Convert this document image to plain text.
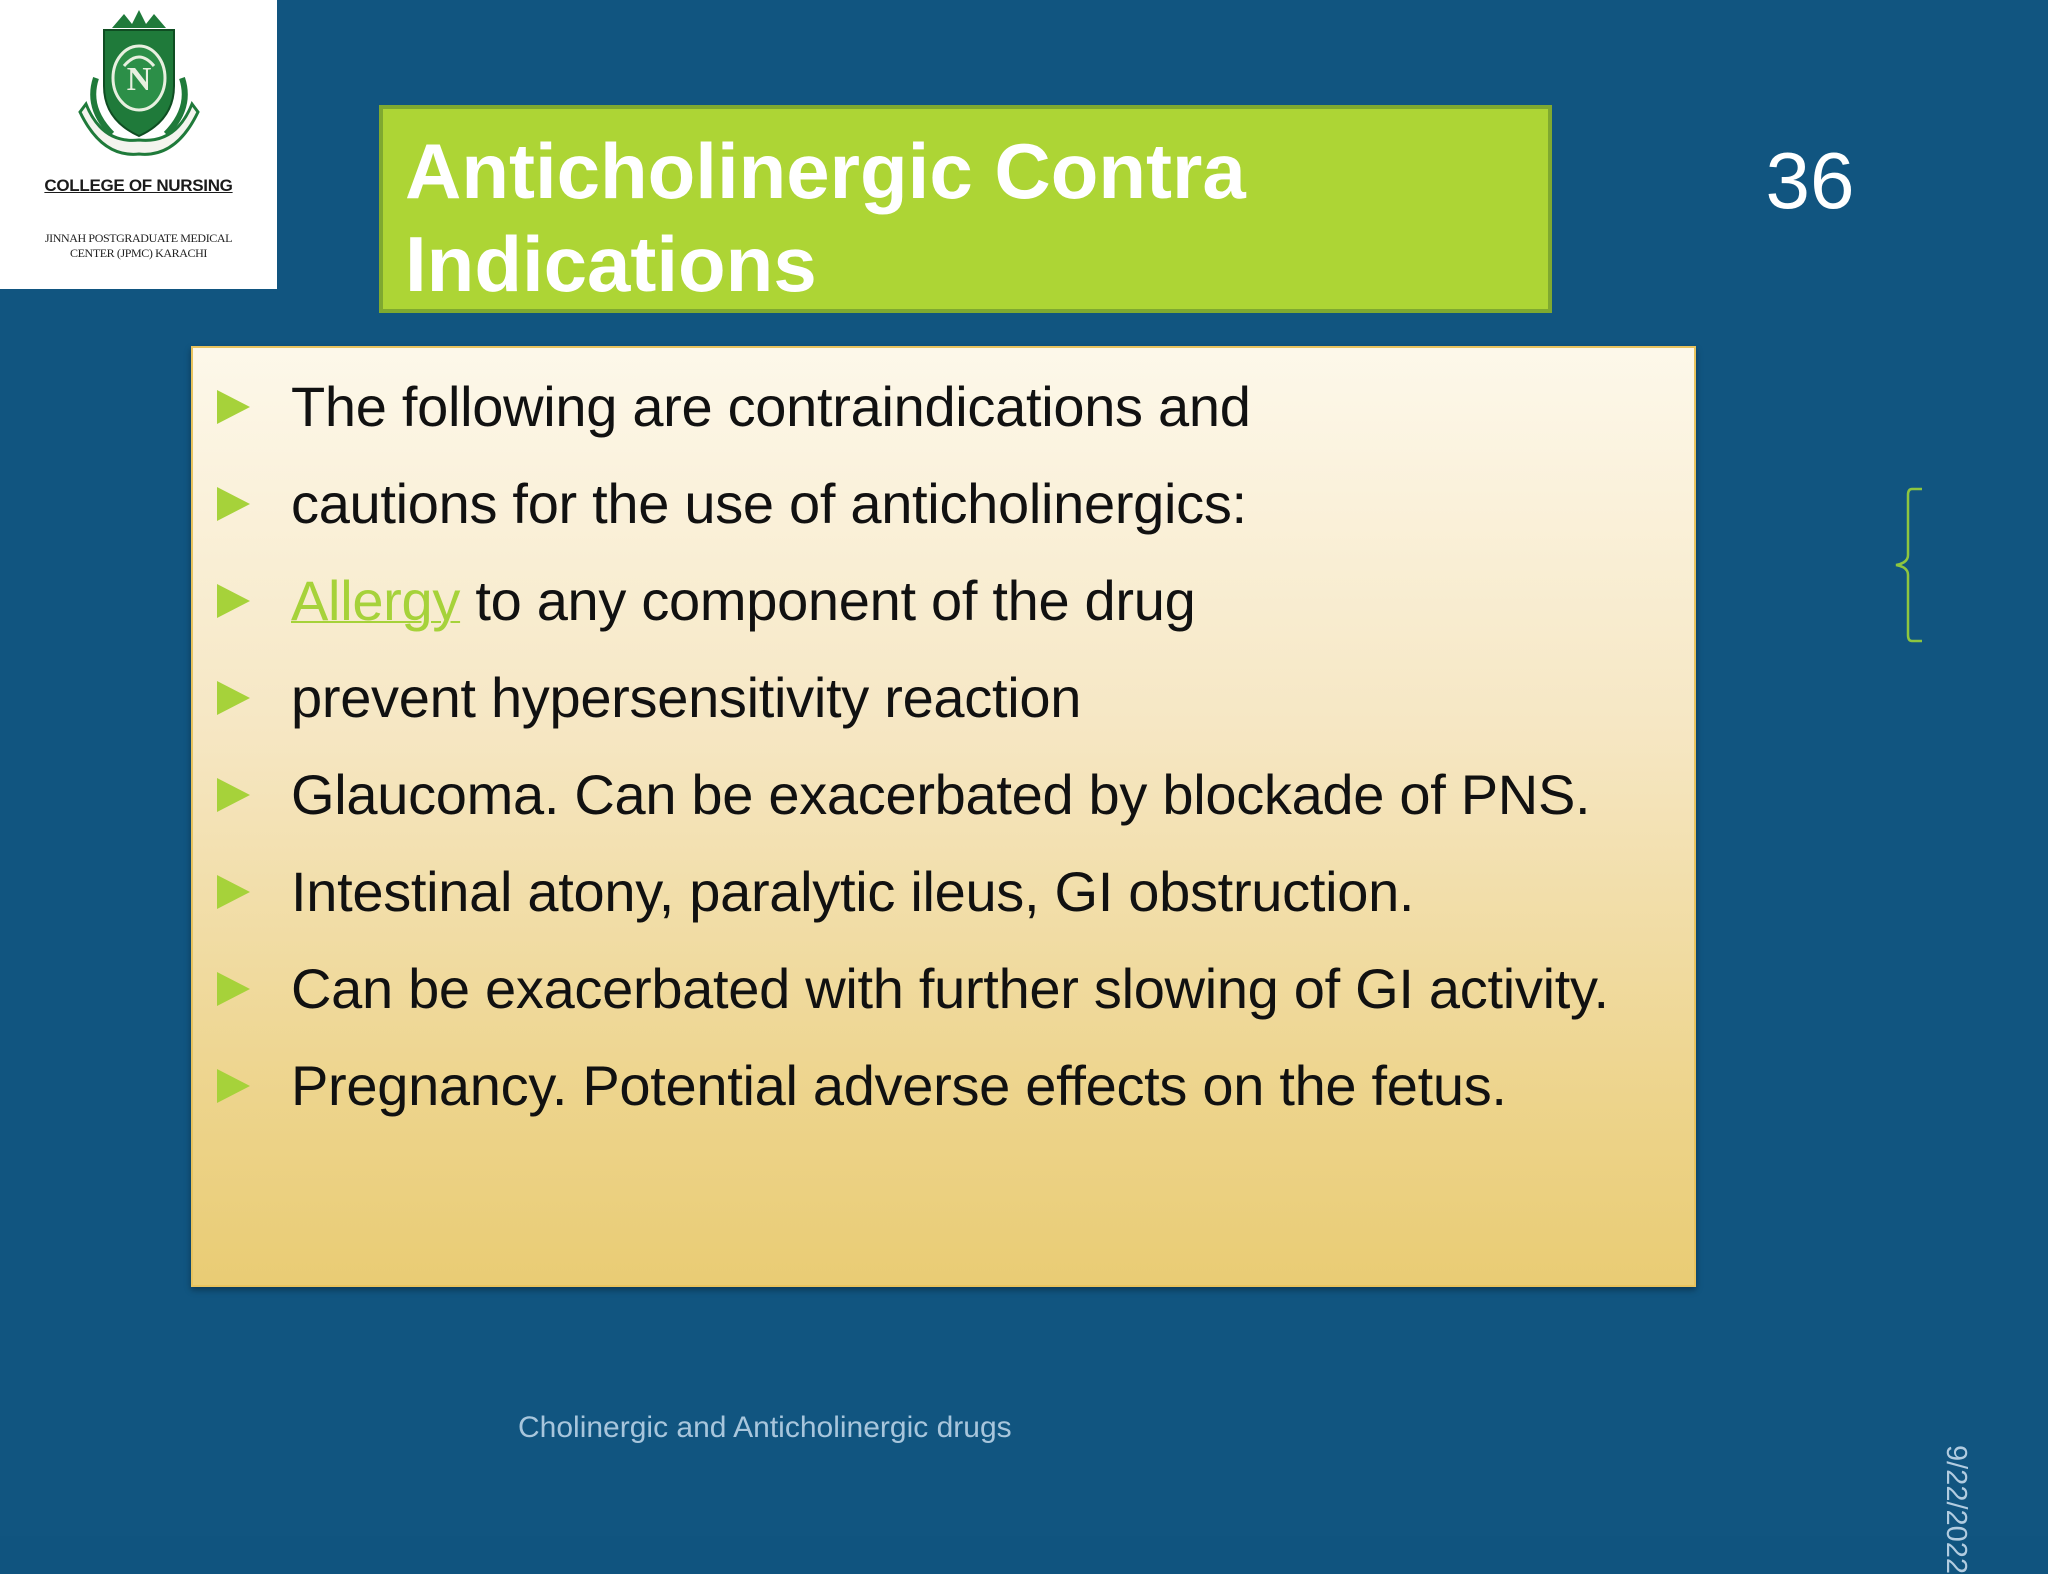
N
COLLEGE OF NURSING
JINNAH POSTGRADUATE MEDICAL CENTER (JPMC) KARACHI
Anticholinergic Contra Indications
36
The following are contraindications and
cautions for the use of anticholinergics:
Allergy to any component of the drug
prevent hypersensitivity reaction
Glaucoma. Can be exacerbated by blockade of PNS.
Intestinal atony, paralytic ileus, GI obstruction.
Can be exacerbated with further slowing of GI activity.
Pregnancy. Potential adverse effects on the fetus.
Cholinergic and Anticholinergic drugs
9/22/2022
